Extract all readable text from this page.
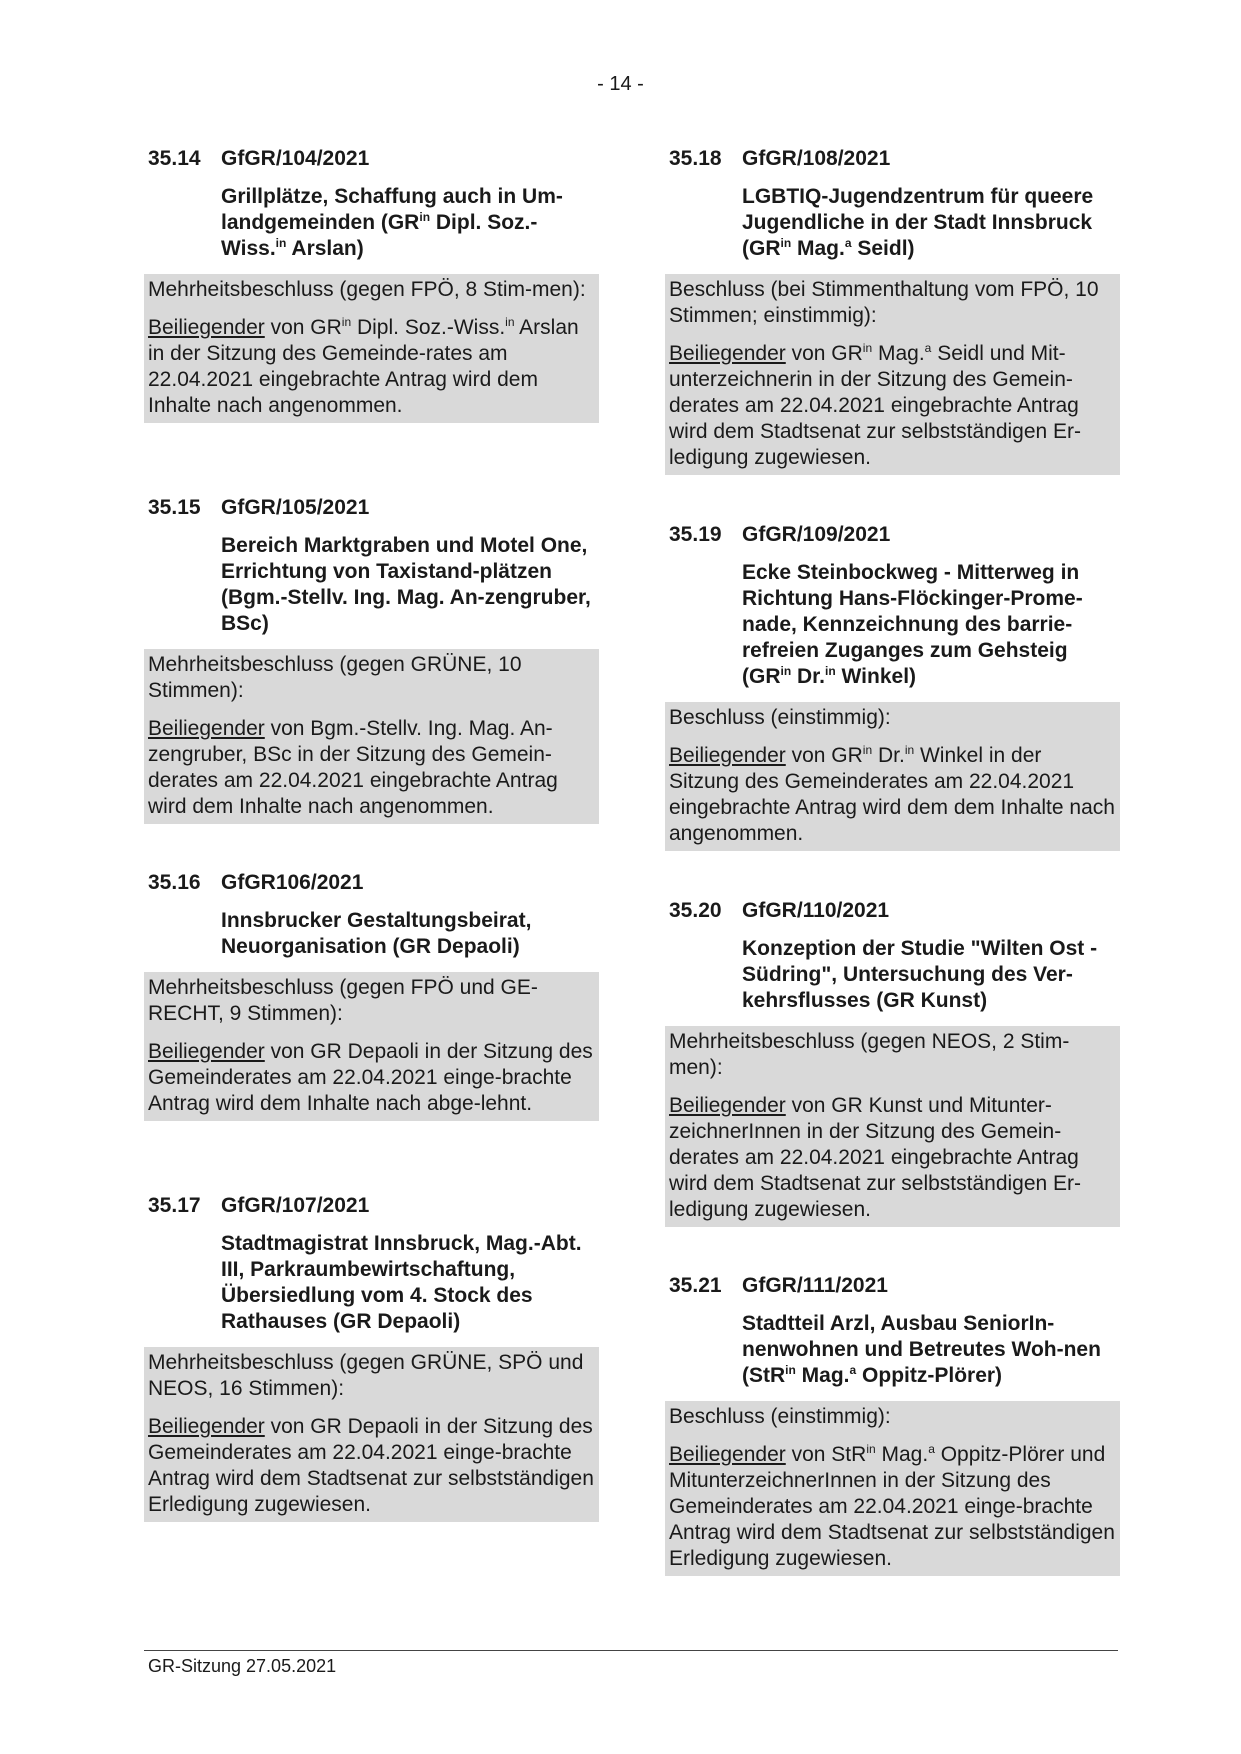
- 14 -
35.14 GfGR/104/2021
Grillplätze, Schaffung auch in Um-landgemeinden ($GR^{in}$ Dipl. Soz.-Wiss.$^{in}$ Arslan)

Mehrheitsbeschluss (gegen FPÖ, 8 Stim-men):

Beiliegender von $GR^{in}$ Dipl. Soz.-Wiss.$^{in}$ Arslan in der Sitzung des Gemeinde-rates am 22.04.2021 eingebrachte Antrag wird dem Inhalte nach angenommen.

35.15 GfGR/105/2021
Bereich Marktgraben und Motel One, Errichtung von Taxistand-plätzen (Bgm.-Stellv. Ing. Mag. An-zengruber, BSc)

Mehrheitsbeschluss (gegen GRÜNE, 10 Stimmen):

Beiliegender von Bgm.-Stellv. Ing. Mag. An-zengruber, BSc in der Sitzung des Gemein-derates am 22.04.2021 eingebrachte Antrag wird dem Inhalte nach angenommen.

35.16 GfGR106/2021
Innsbrucker Gestaltungsbeirat, Neuorganisation (GR Depaoli)

Mehrheitsbeschluss (gegen FPÖ und GE-RECHT, 9 Stimmen):

Beiliegender von GR Depaoli in der Sitzung des Gemeinderates am 22.04.2021 einge-brachte Antrag wird dem Inhalte nach abge-lehnt.

35.17 GfGR/107/2021
Stadtmagistrat Innsbruck, Mag.-Abt. III, Parkraumbewirtschaftung, Übersiedlung vom 4. Stock des Rathauses (GR Depaoli)

Mehrheitsbeschluss (gegen GRÜNE, SPÖ und NEOS, 16 Stimmen):

Beiliegender von GR Depaoli in der Sitzung des Gemeinderates am 22.04.2021 einge-brachte Antrag wird dem Stadtsenat zur selbstständigen Erledigung zugewiesen.

35.18 GfGR/108/2021
LGBTIQ-Jugendzentrum für queere Jugendliche in der Stadt Innsbruck ($GR^{in}$ Mag.$^a$ Seidl)

Beschluss (bei Stimmenthaltung vom FPÖ, 10 Stimmen; einstimmig):

Beiliegender von $GR^{in}$ Mag.$^a$ Seidl und Mit-unterzeichnerin in der Sitzung des Gemein-derates am 22.04.2021 eingebrachte Antrag wird dem Stadtsenat zur selbstständigen Er-ledigung zugewiesen.

35.19 GfGR/109/2021
Ecke Steinbockweg - Mitterweg in Richtung Hans-Flöckinger-Prome-nade, Kennzeichnung des barrie-refreien Zuganges zum Gehsteig ($GR^{in}$ Dr.$^{in}$ Winkel)

Beschluss (einstimmig):

Beiliegender von $GR^{in}$ Dr.$^{in}$ Winkel in der Sitzung des Gemeinderates am 22.04.2021 eingebrachte Antrag wird dem dem Inhalte nach angenommen.

35.20 GfGR/110/2021
Konzeption der Studie "Wilten Ost - Südring", Untersuchung des Ver-kehrsflusses (GR Kunst)

Mehrheitsbeschluss (gegen NEOS, 2 Stim-men):

Beiliegender von GR Kunst und Mitunter-zeichnerInnen in der Sitzung des Gemein-derates am 22.04.2021 eingebrachte Antrag wird dem Stadtsenat zur selbstständigen Er-ledigung zugewiesen.

35.21 GfGR/111/2021
Stadtteil Arzl, Ausbau SeniorIn-nenwohnen und Betreutes Woh-nen (StR$^{in}$ Mag.$^a$ Oppitz-Plörer)

Beschluss (einstimmig):

Beiliegender von StR$^{in}$ Mag.$^a$ Oppitz-Plörer und MitunterzeichnerInnen in der Sitzung des Gemeinderates am 22.04.2021 einge-brachte Antrag wird dem Stadtsenat zur selbstständigen Erledigung zugewiesen.

GR-Sitzung 27.05.2021
